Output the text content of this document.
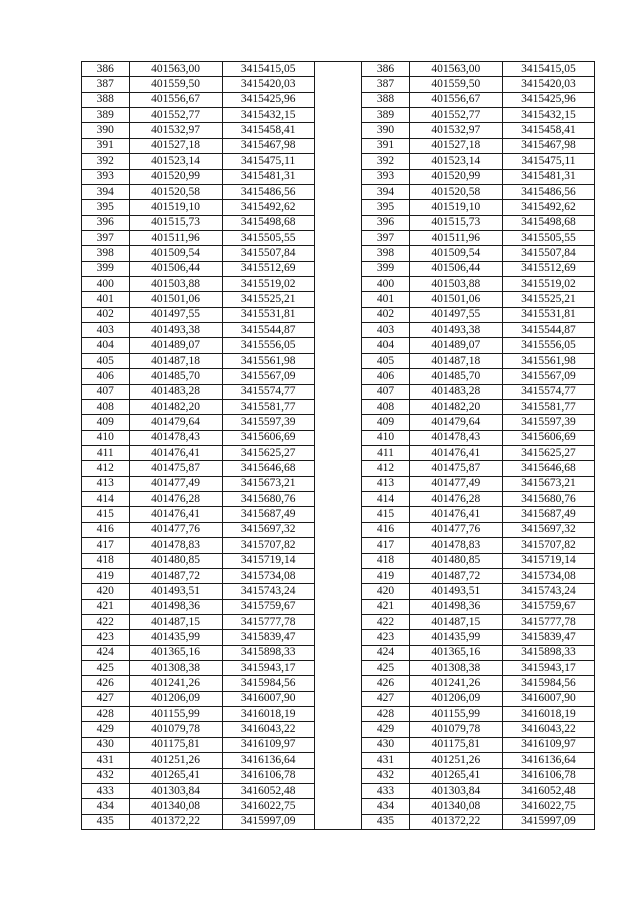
386	401563,00	3415415,05		386	401563,00	3415415,05
387	401559,50	3415420,03		387	401559,50	3415420,03
388	401556,67	3415425,96		388	401556,67	3415425,96
389	401552,77	3415432,15		389	401552,77	3415432,15
390	401532,97	3415458,41		390	401532,97	3415458,41
391	401527,18	3415467,98		391	401527,18	3415467,98
392	401523,14	3415475,11		392	401523,14	3415475,11
393	401520,99	3415481,31		393	401520,99	3415481,31
394	401520,58	3415486,56		394	401520,58	3415486,56
395	401519,10	3415492,62		395	401519,10	3415492,62
396	401515,73	3415498,68		396	401515,73	3415498,68
397	401511,96	3415505,55		397	401511,96	3415505,55
398	401509,54	3415507,84		398	401509,54	3415507,84
399	401506,44	3415512,69		399	401506,44	3415512,69
400	401503,88	3415519,02		400	401503,88	3415519,02
401	401501,06	3415525,21		401	401501,06	3415525,21
402	401497,55	3415531,81		402	401497,55	3415531,81
403	401493,38	3415544,87		403	401493,38	3415544,87
404	401489,07	3415556,05		404	401489,07	3415556,05
405	401487,18	3415561,98		405	401487,18	3415561,98
406	401485,70	3415567,09		406	401485,70	3415567,09
407	401483,28	3415574,77		407	401483,28	3415574,77
408	401482,20	3415581,77		408	401482,20	3415581,77
409	401479,64	3415597,39		409	401479,64	3415597,39
410	401478,43	3415606,69		410	401478,43	3415606,69
411	401476,41	3415625,27		411	401476,41	3415625,27
412	401475,87	3415646,68		412	401475,87	3415646,68
413	401477,49	3415673,21		413	401477,49	3415673,21
414	401476,28	3415680,76		414	401476,28	3415680,76
415	401476,41	3415687,49		415	401476,41	3415687,49
416	401477,76	3415697,32		416	401477,76	3415697,32
417	401478,83	3415707,82		417	401478,83	3415707,82
418	401480,85	3415719,14		418	401480,85	3415719,14
419	401487,72	3415734,08		419	401487,72	3415734,08
420	401493,51	3415743,24		420	401493,51	3415743,24
421	401498,36	3415759,67		421	401498,36	3415759,67
422	401487,15	3415777,78		422	401487,15	3415777,78
423	401435,99	3415839,47		423	401435,99	3415839,47
424	401365,16	3415898,33		424	401365,16	3415898,33
425	401308,38	3415943,17		425	401308,38	3415943,17
426	401241,26	3415984,56		426	401241,26	3415984,56
427	401206,09	3416007,90		427	401206,09	3416007,90
428	401155,99	3416018,19		428	401155,99	3416018,19
429	401079,78	3416043,22		429	401079,78	3416043,22
430	401175,81	3416109,97		430	401175,81	3416109,97
431	401251,26	3416136,64		431	401251,26	3416136,64
432	401265,41	3416106,78		432	401265,41	3416106,78
433	401303,84	3416052,48		433	401303,84	3416052,48
434	401340,08	3416022,75		434	401340,08	3416022,75
435	401372,22	3415997,09		435	401372,22	3415997,09
